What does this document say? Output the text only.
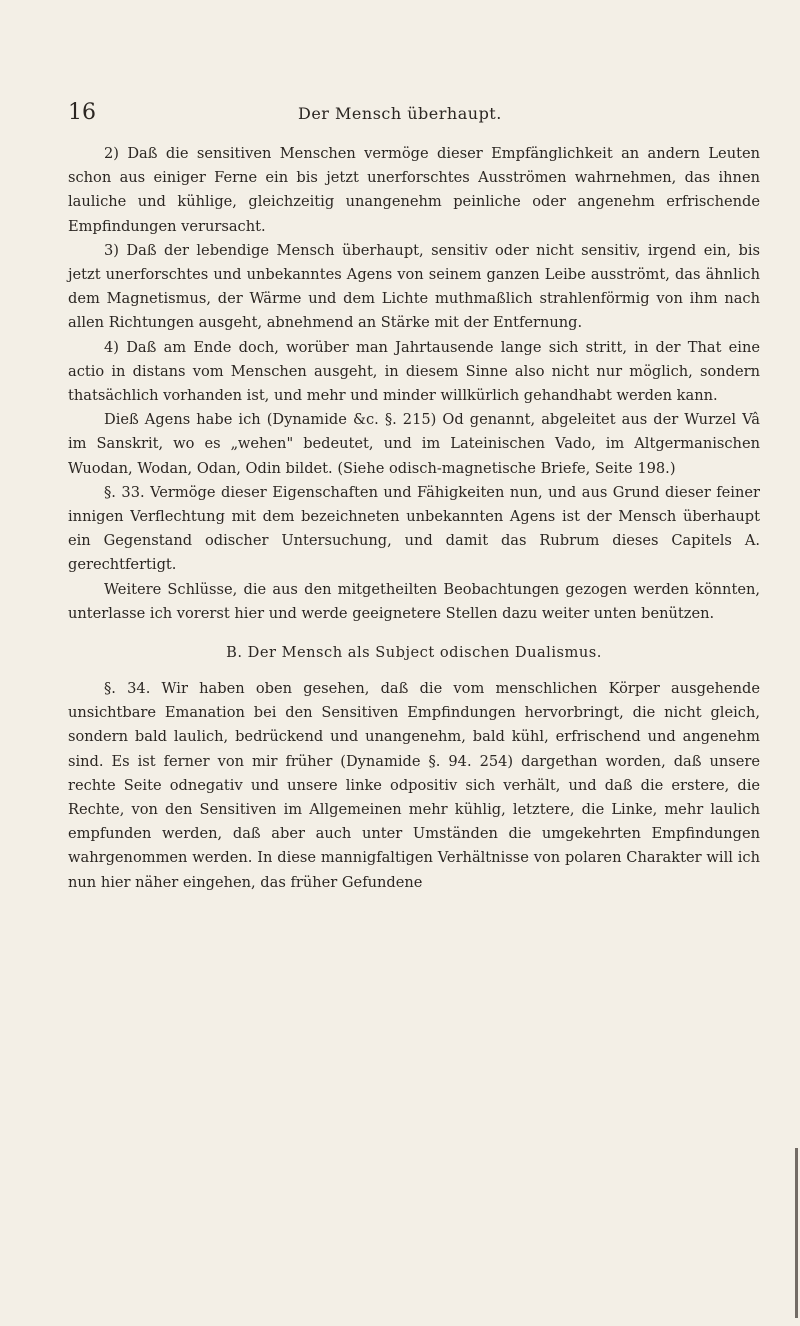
16	Der Mensch überhaupt.

2) Daß die sensitiven Menschen vermöge dieser Empfänglichkeit an andern Leuten schon aus einiger Ferne ein bis jetzt unerforschtes Ausströmen wahrnehmen, das ihnen lauliche und kühlige, gleichzeitig unangenehm peinliche oder angenehm erfrischende Empfindungen verursacht.

3) Daß der lebendige Mensch überhaupt, sensitiv oder nicht sensitiv, irgend ein, bis jetzt unerforschtes und unbekanntes Agens von seinem ganzen Leibe ausströmt, das ähnlich dem Magnetismus, der Wärme und dem Lichte muthmaßlich strahlenförmig von ihm nach allen Richtungen ausgeht, abnehmend an Stärke mit der Entfernung.

4) Daß am Ende doch, worüber man Jahrtausende lange sich stritt, in der That eine actio in distans vom Menschen ausgeht, in diesem Sinne also nicht nur möglich, sondern thatsächlich vorhanden ist, und mehr und minder willkürlich gehandhabt werden kann.

Dieß Agens habe ich (Dynamide &c. §. 215) Od genannt, abgeleitet aus der Wurzel Vâ im Sanskrit, wo es „wehen" bedeutet, und im Lateinischen Vado, im Altgermanischen Wuodan, Wodan, Odan, Odin bildet. (Siehe odisch-magnetische Briefe, Seite 198.)

§. 33. Vermöge dieser Eigenschaften und Fähigkeiten nun, und aus Grund dieser feiner innigen Verflechtung mit dem bezeichneten unbekannten Agens ist der Mensch überhaupt ein Gegenstand odischer Untersuchung, und damit das Rubrum dieses Capitels A. gerechtfertigt.

Weitere Schlüsse, die aus den mitgetheilten Beobachtungen gezogen werden könnten, unterlasse ich vorerst hier und werde geeignetere Stellen dazu weiter unten benützen.

B. Der Mensch als Subject odischen Dualismus.

§. 34. Wir haben oben gesehen, daß die vom menschlichen Körper ausgehende unsichtbare Emanation bei den Sensitiven Empfindungen hervorbringt, die nicht gleich, sondern bald laulich, bedrückend und unangenehm, bald kühl, erfrischend und angenehm sind. Es ist ferner von mir früher (Dynamide §. 94. 254) dargethan worden, daß unsere rechte Seite odnegativ und unsere linke odpositiv sich verhält, und daß die erstere, die Rechte, von den Sensitiven im Allgemeinen mehr kühlig, letztere, die Linke, mehr laulich empfunden werden, daß aber auch unter Umständen die umgekehrten Empfindungen wahrgenommen werden. In diese mannigfaltigen Verhältnisse von polaren Charakter will ich nun hier näher eingehen, das früher Gefundene
